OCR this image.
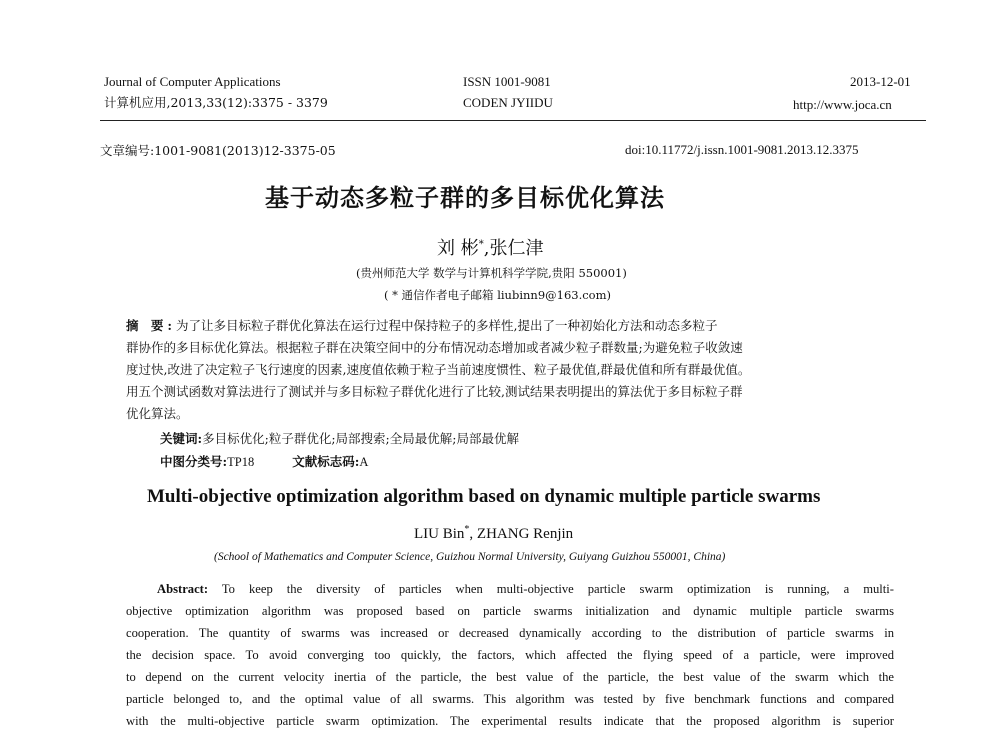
Journal of Computer Applications
计算机应用,2013,33(12):3375 - 3379
ISSN 1001-9081
CODEN JYIIDU
2013-12-01
http://www.joca.cn
文章编号:1001-9081(2013)12-3375-05	doi:10.11772/j.issn.1001-9081.2013.12.3375
基于动态多粒子群的多目标优化算法
刘 彬*,张仁津
(贵州师范大学 数学与计算机科学学院,贵阳 550001)
( * 通信作者电子邮箱 liubinn9@163.com)
摘 要:为了让多目标粒子群优化算法在运行过程中保持粒子的多样性,提出了一种初始化方法和动态多粒子
群协作的多目标优化算法。根据粒子群在决策空间中的分布情况动态增加或者减少粒子群数量;为避免粒子收敛速
度过快,改进了决定粒子飞行速度的因素,速度值依赖于粒子当前速度惯性、粒子最优值,群最优值和所有群最优值。
用五个测试函数对算法进行了测试并与多目标粒子群优化进行了比较,测试结果表明提出的算法优于多目标粒子群
优化算法。
关键词:多目标优化;粒子群优化;局部搜索;全局最优解;局部最优解
中图分类号:TP18	文献标志码:A
Multi-objective optimization algorithm based on dynamic multiple particle swarms
LIU Bin*, ZHANG Renjin
(School of Mathematics and Computer Science, Guizhou Normal University, Guiyang Guizhou 550001, China)
Abstract: To keep the diversity of particles when multi-objective particle swarm optimization is running, a multi-
objective optimization algorithm was proposed based on particle swarms initialization and dynamic multiple particle swarms
cooperation. The quantity of swarms was increased or decreased dynamically according to the distribution of particle swarms in
the decision space. To avoid converging too quickly, the factors, which affected the flying speed of a particle, were improved
to depend on the current velocity inertia of the particle, the best value of the particle, the best value of the swarm which the
particle belonged to, and the optimal value of all swarms. This algorithm was tested by five benchmark functions and compared
with the multi-objective particle swarm optimization. The experimental results indicate that the proposed algorithm is superior
